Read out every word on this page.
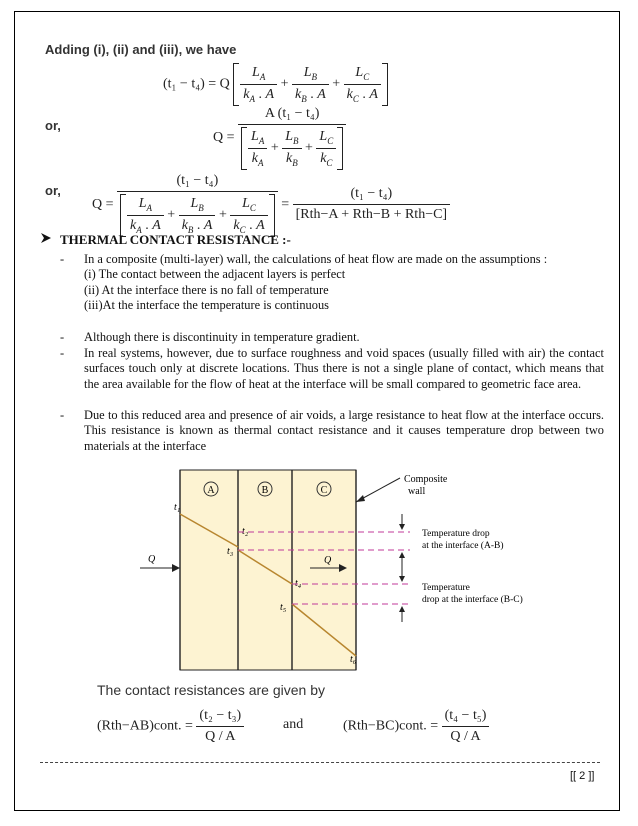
Adding (i), (ii) and (iii), we have
(t₁ − t₄) = Q $\frac{L_A}{k_A . A} + \frac{L_B}{k_B . A} + \frac{L_C}{k_C . A}$
or,
$Q = \frac{\text{A (t₁ − t₄)}}{\frac{L_A}{k_A} + \frac{L_B}{k_B} + \frac{L_C}{k_C}}$
or,
$Q = \frac{\text{(t₁ − t₄)}}{\frac{L_A}{k_A . A} + \frac{L_B}{k_B . A} + \frac{L_C}{k_C . A}} = \frac{\text{(t₁ − t₄)}}{\text{[Rth−A + Rth−B + Rth−C]}}$
THERMAL CONTACT RESISTANCE :-
-	In a composite (multi-layer) wall, the calculations of heat flow are made on the assumptions :
(i) The contact between the adjacent layers is perfect
(ii) At the interface there is no fall of temperature
(iii)At the interface the temperature is continuous
-	Although there is discontinuity in temperature gradient.
-	In real systems, however, due to surface roughness and void spaces (usually filled with air) the contact surfaces touch only at discrete locations. Thus there is not a single plane of contact, which means that the area available for the flow of heat at the interface will be small compared to geometric face area.
-	Due to this reduced area and presence of air voids, a large resistance to heat flow at the interface occurs. This resistance is known as thermal contact resistance and it causes temperature drop between two materials at the interface
A	B	C
Composite
wall
t₁
t₂
t₃
t₄
t₅
t₆
Temperature drop
at the interface (A-B)
Temperature
drop at the interface (B-C)
Q	Q
The contact resistances are given by
(Rth−AB)cont. = $\frac{\text{(t₂ − t₃)}}{Q / A}$	and	(Rth−BC)cont. = $\frac{\text{(t₄ − t₅)}}{Q / A}$
[[ 2 ]]
